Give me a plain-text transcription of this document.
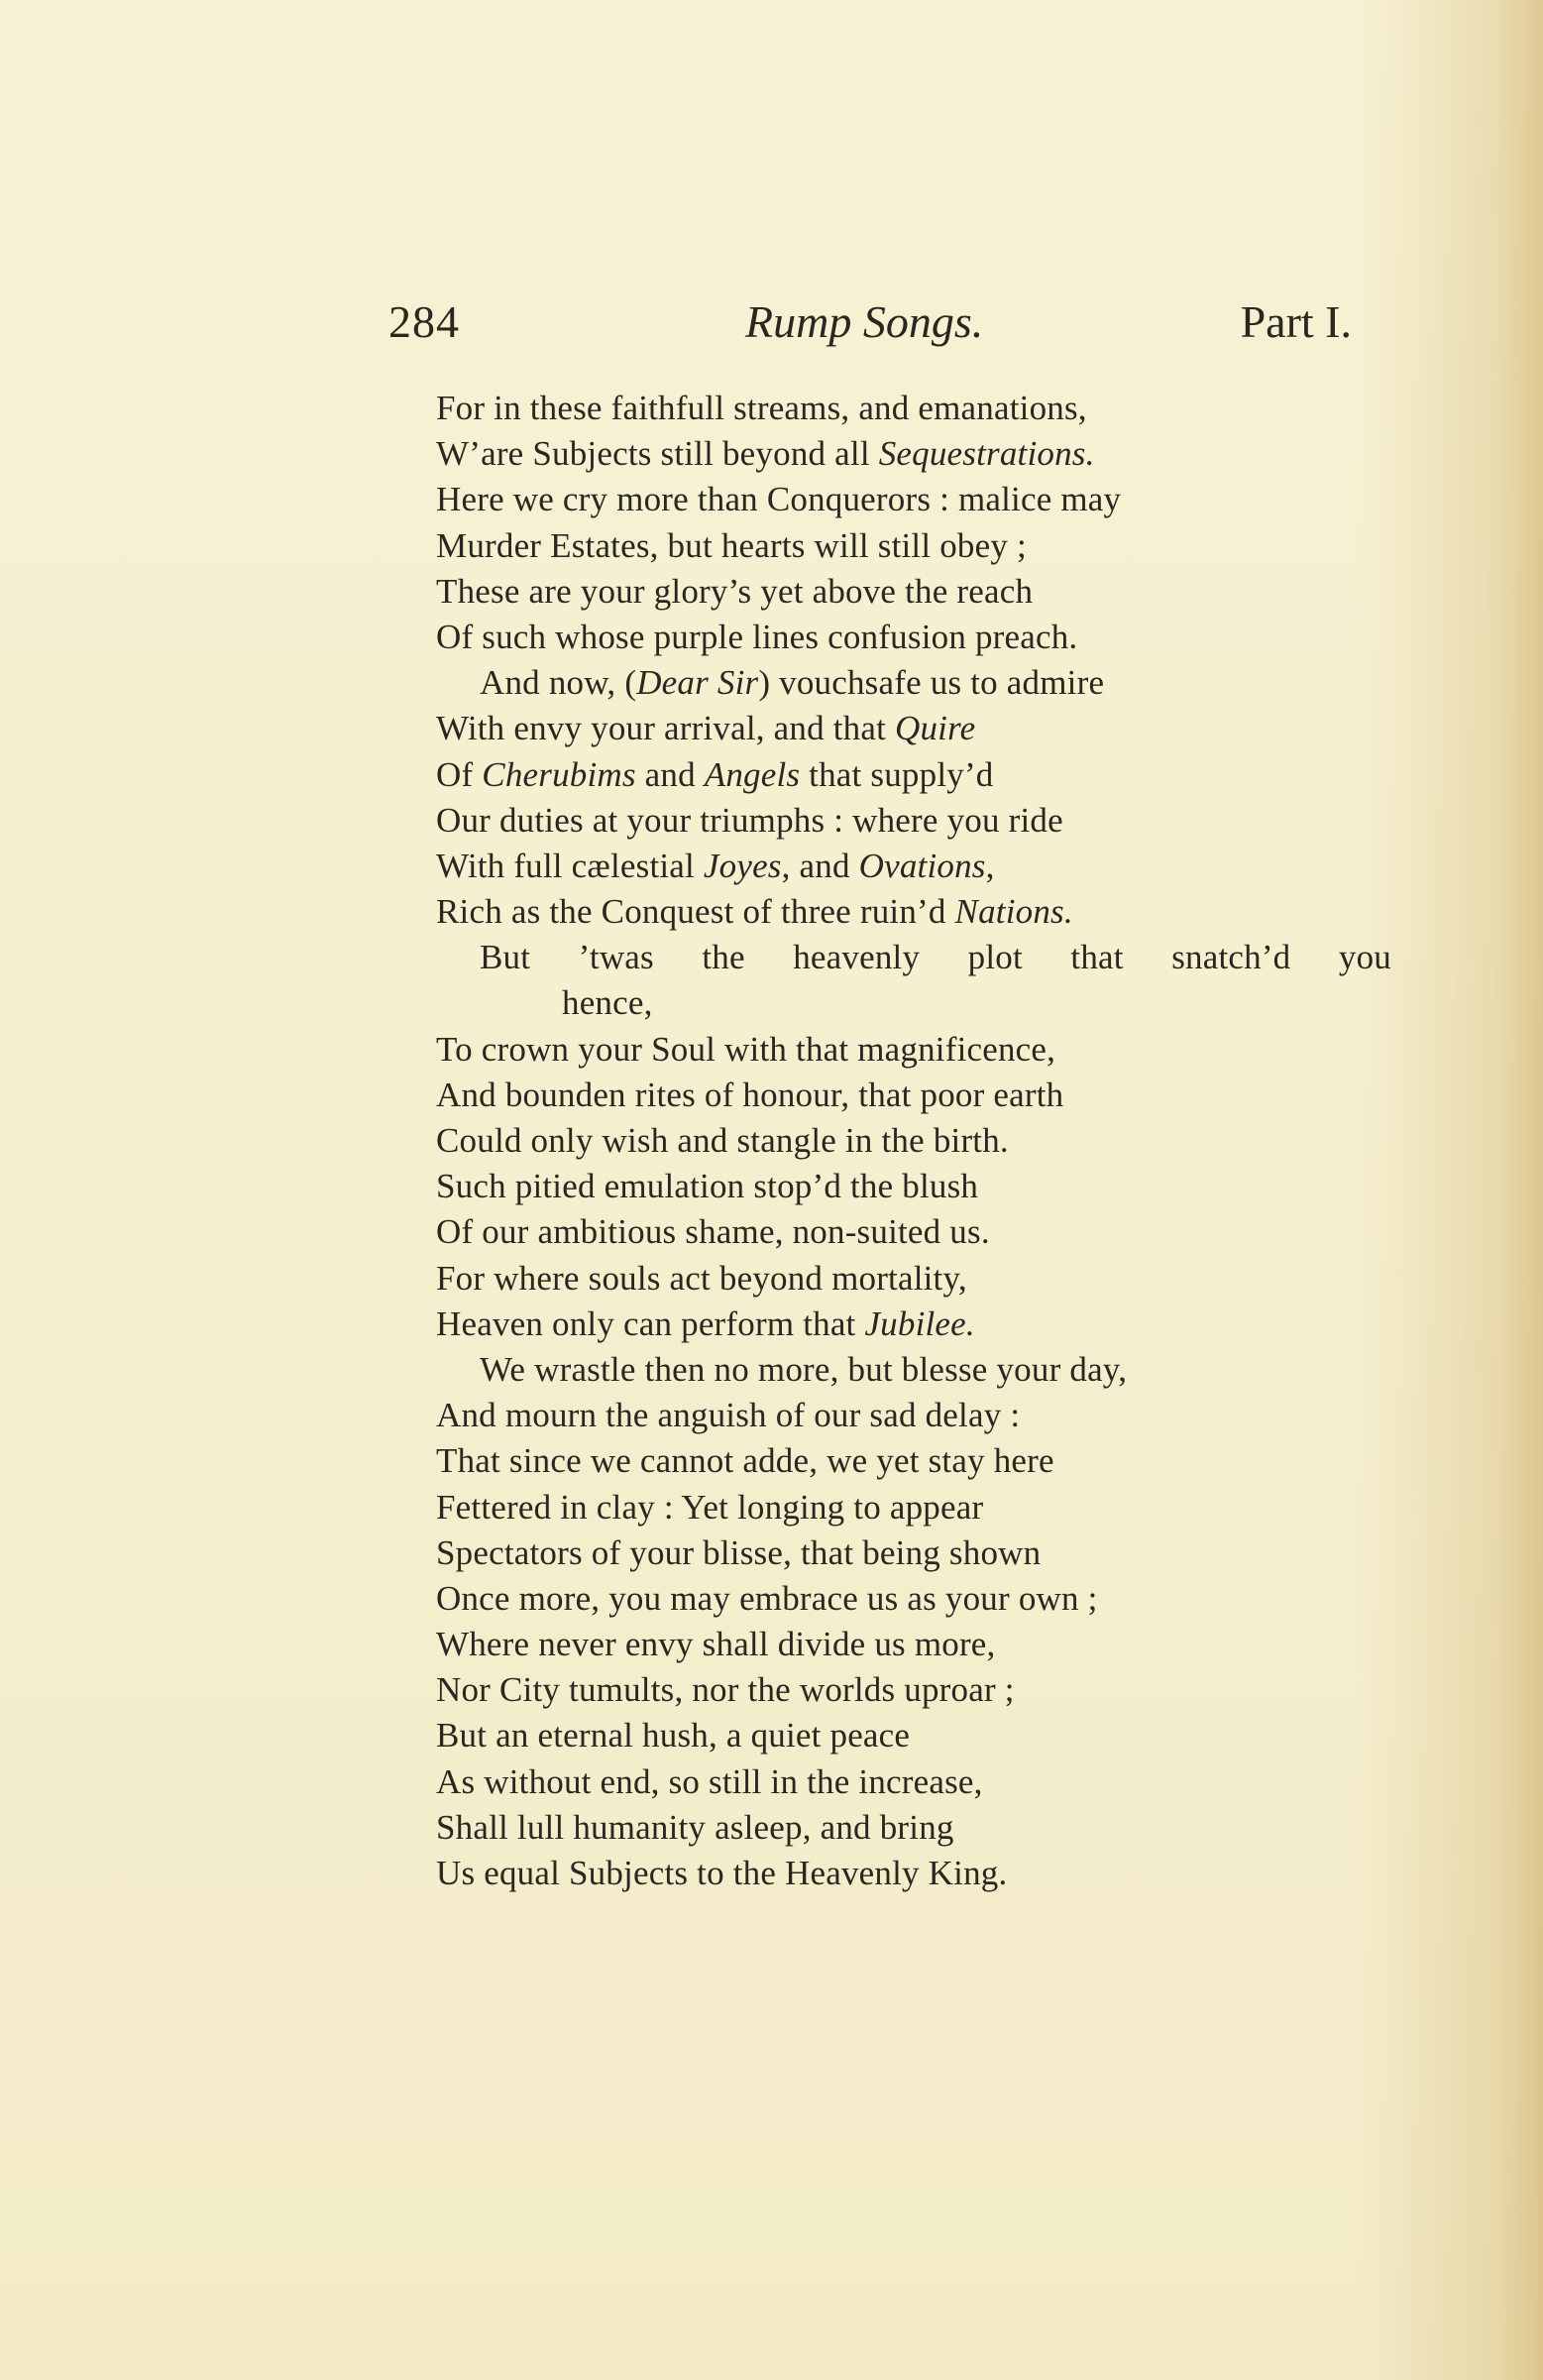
284	Rump Songs.	Part I.
For in these faithfull streams, and emanations,
W’are Subjects still beyond all Sequestrations.
Here we cry more than Conquerors : malice may
Murder Estates, but hearts will still obey ;
These are your glory’s yet above the reach
Of such whose purple lines confusion preach.
And now, (Dear Sir) vouchsafe us to admire
With envy your arrival, and that Quire
Of Cherubims and Angels that supply’d
Our duties at your triumphs : where you ride
With full cælestial Joyes, and Ovations,
Rich as the Conquest of three ruin’d Nations.
But ’twas the heavenly plot that snatch’d you
hence,
To crown your Soul with that magnificence,
And bounden rites of honour, that poor earth
Could only wish and stangle in the birth.
Such pitied emulation stop’d the blush
Of our ambitious shame, non-suited us.
For where souls act beyond mortality,
Heaven only can perform that Jubilee.
We wrastle then no more, but blesse your day,
And mourn the anguish of our sad delay :
That since we cannot adde, we yet stay here
Fettered in clay : Yet longing to appear
Spectators of your blisse, that being shown
Once more, you may embrace us as your own ;
Where never envy shall divide us more,
Nor City tumults, nor the worlds uproar ;
But an eternal hush, a quiet peace
As without end, so still in the increase,
Shall lull humanity asleep, and bring
Us equal Subjects to the Heavenly King.
